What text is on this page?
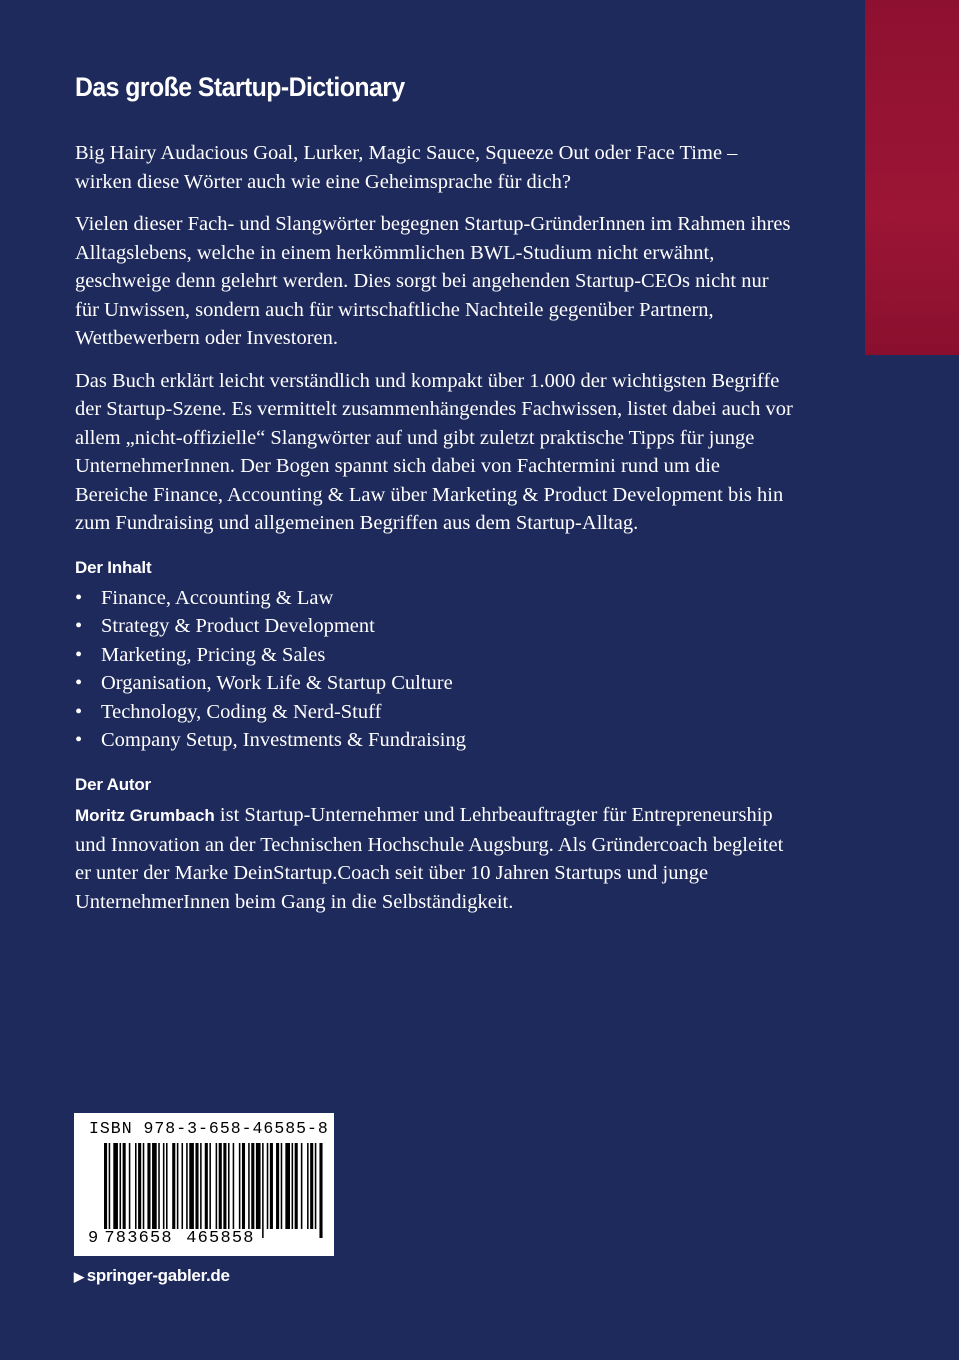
Das große Startup-Dictionary

Big Hairy Audacious Goal, Lurker, Magic Sauce, Squeeze Out oder Face Time – wirken diese Wörter auch wie eine Geheimsprache für dich?

Vielen dieser Fach- und Slangwörter begegnen Startup-GründerInnen im Rahmen ihres Alltagslebens, welche in einem herkömmlichen BWL-Studium nicht erwähnt, geschweige denn gelehrt werden. Dies sorgt bei angehenden Startup-CEOs nicht nur für Unwissen, sondern auch für wirtschaftliche Nachteile gegenüber Partnern, Wettbewerbern oder Investoren.

Das Buch erklärt leicht verständlich und kompakt über 1.000 der wichtigsten Begriffe der Startup-Szene. Es vermittelt zusammenhängendes Fachwissen, listet dabei auch vor allem „nicht-offizielle“ Slangwörter auf und gibt zuletzt praktische Tipps für junge UnternehmerInnen. Der Bogen spannt sich dabei von Fachtermini rund um die Bereiche Finance, Accounting & Law über Marketing & Product Development bis hin zum Fundraising und allgemeinen Begriffen aus dem Startup-Alltag.

Der Inhalt
• Finance, Accounting & Law
• Strategy & Product Development
• Marketing, Pricing & Sales
• Organisation, Work Life & Startup Culture
• Technology, Coding & Nerd-Stuff
• Company Setup, Investments & Fundraising
Der Autor

Moritz Grumbach ist Startup-Unternehmer und Lehrbeauftragter für Entrepreneurship und Innovation an der Technischen Hochschule Augsburg. Als Gründercoach begleitet er unter der Marke DeinStartup.Coach seit über 10 Jahren Startups und junge UnternehmerInnen beim Gang in die Selbständigkeit.

ISBN 978-3-658-46585-8
9 783658 465858
▶ springer-gabler.de
